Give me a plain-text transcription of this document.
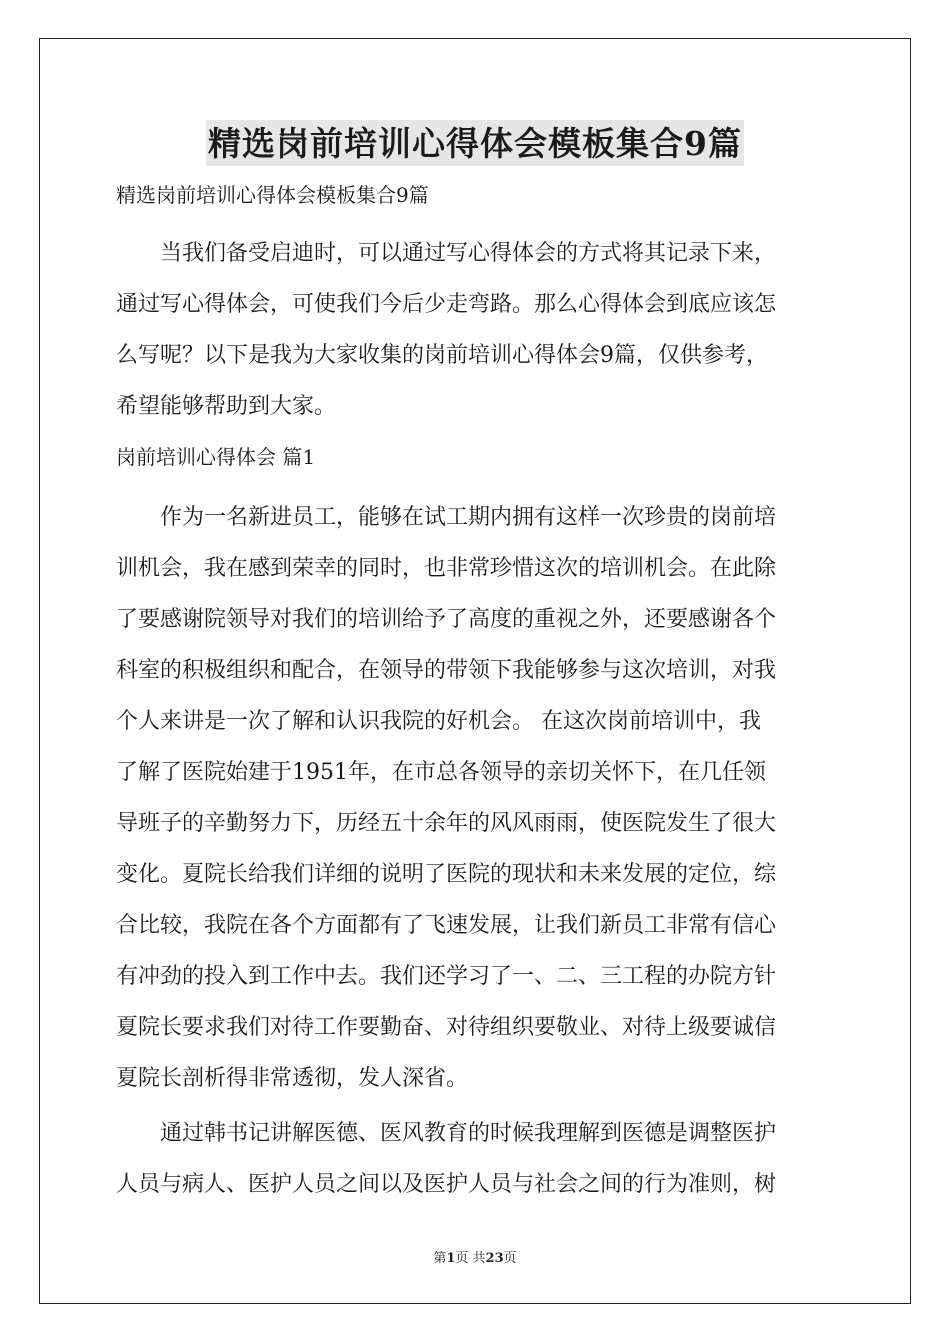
精选岗前培训心得体会模板集合9篇

精选岗前培训心得体会模板集合9篇

当我们备受启迪时，可以通过写心得体会的方式将其记录下来，

通过写心得体会，可使我们今后少走弯路。那么心得体会到底应该怎

么写呢？以下是我为大家收集的岗前培训心得体会9篇，仅供参考，

希望能够帮助到大家。

岗前培训心得体会 篇1

作为一名新进员工，能够在试工期内拥有这样一次珍贵的岗前培

训机会，我在感到荣幸的同时，也非常珍惜这次的培训机会。在此除

了要感谢院领导对我们的培训给予了高度的重视之外，还要感谢各个

科室的积极组织和配合，在领导的带领下我能够参与这次培训，对我

个人来讲是一次了解和认识我院的好机会。 在这次岗前培训中，我

了解了医院始建于1951年，在市总各领导的亲切关怀下，在几任领

导班子的辛勤努力下，历经五十余年的风风雨雨，使医院发生了很大

变化。夏院长给我们详细的说明了医院的现状和未来发展的定位，综

合比较，我院在各个方面都有了飞速发展，让我们新员工非常有信心

有冲劲的投入到工作中去。我们还学习了一、二、三工程的办院方针

夏院长要求我们对待工作要勤奋、对待组织要敬业、对待上级要诚信

夏院长剖析得非常透彻，发人深省。

通过韩书记讲解医德、医风教育的时候我理解到医德是调整医护

人员与病人、医护人员之间以及医护人员与社会之间的行为准则，树

第1页 共23页
